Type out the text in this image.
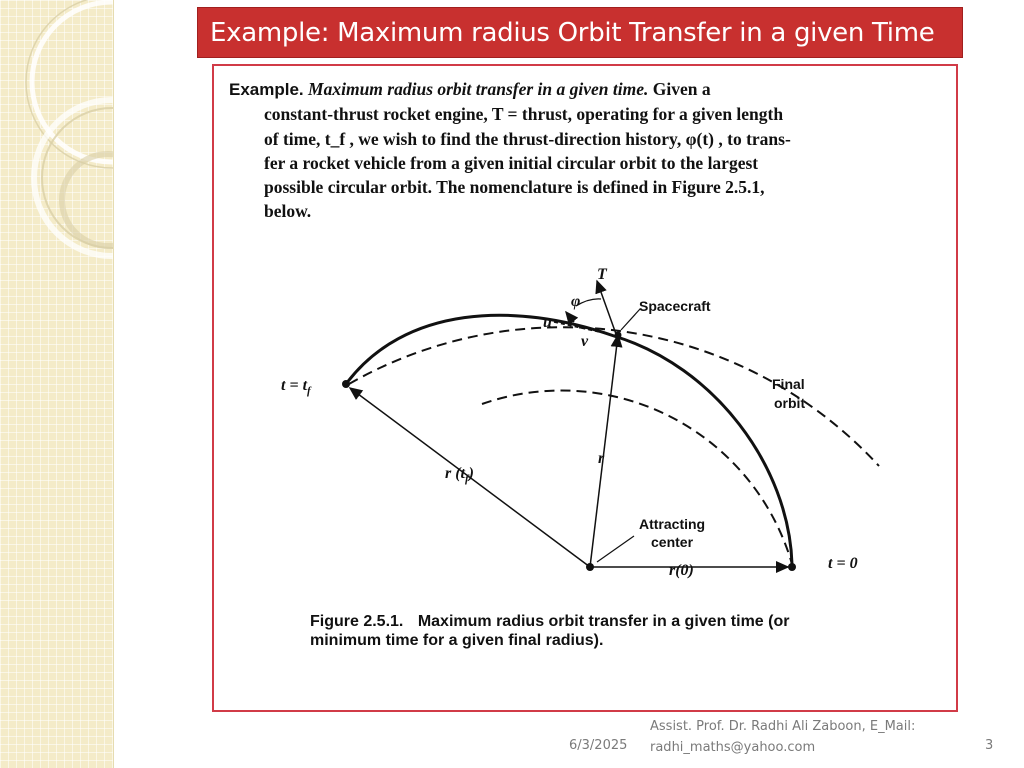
Example: Maximum radius Orbit Transfer in a given Time
Example. Maximum radius orbit transfer in a given time. Given a
constant-thrust rocket engine, T = thrust, operating for a given length
of time, t_f , we wish to find the thrust-direction history, φ(t) , to trans-
fer a rocket vehicle from a given initial circular orbit to the largest
possible circular orbit. The nomenclature is defined in Figure 2.5.1,
below.
T
φ
u
v
Spacecraft
$t = t_f$	Final
orbit
r
r $(t_f)$
Attracting
center
r(0)	t = 0
Figure 2.5.1. Maximum radius orbit transfer in a given time (or
minimum time for a given final radius).
6/3/2025
Assist. Prof. Dr. Radhi Ali Zaboon, E_Mail:
radhi_maths@yahoo.com	3
